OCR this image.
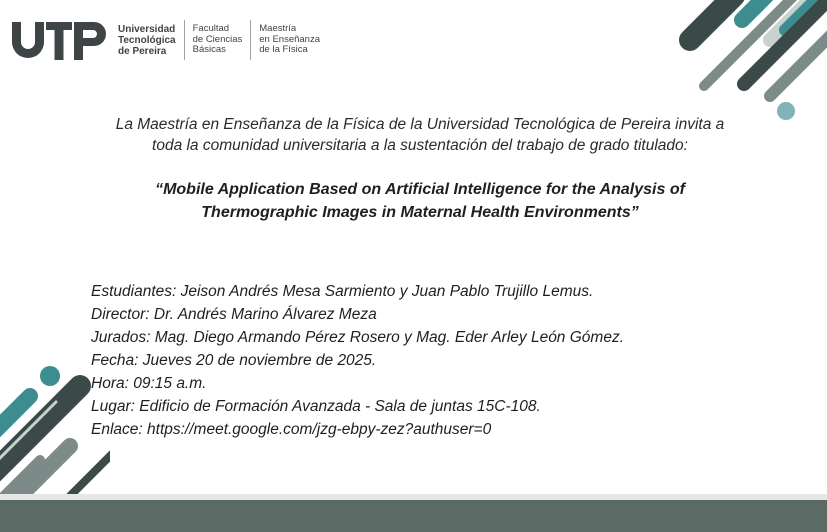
Universidad
Tecnológica
de Pereira
Facultad
de Ciencias
Básicas
Maestría
en Enseñanza
de la Física
La Maestría en Enseñanza de la Física de la Universidad Tecnológica de Pereira invita a
toda la comunidad universitaria a la sustentación del trabajo de grado titulado:
“Mobile Application Based on Artificial Intelligence for the Analysis of
Thermographic Images in Maternal Health Environments”
Estudiantes: Jeison Andrés Mesa Sarmiento y Juan Pablo Trujillo Lemus.
Director: Dr. Andrés Marino Álvarez Meza
Jurados: Mag. Diego Armando Pérez Rosero y Mag. Eder Arley León Gómez.
Fecha: Jueves 20 de noviembre de 2025.
Hora: 09:15 a.m.
Lugar: Edificio de Formación Avanzada - Sala de juntas 15C-108.
Enlace: https://meet.google.com/jzg-ebpy-zez?authuser=0
